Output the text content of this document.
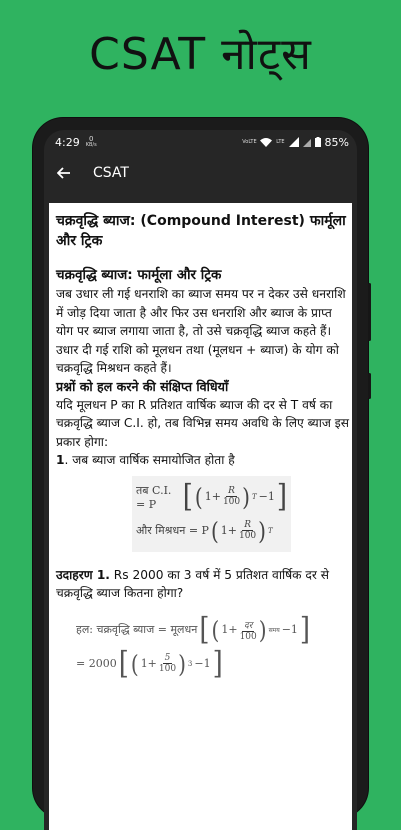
CSAT नोट्स
4:29 0
KB/s
VoLTE	LTE	85%
CSAT

चक्रवृद्धि ब्याज: (Compound Interest) फार्मूला और ट्रिक

चक्रवृद्धि ब्याज: फार्मूला और ट्रिक

जब उधार ली गई धनराशि का ब्याज समय पर न देकर उसे धनराशि में जोड़ दिया जाता है और फिर उस धनराशि और ब्याज के प्राप्त योग पर ब्याज लगाया जाता है, तो उसे चक्रवृद्धि ब्याज कहते हैं। उधार दी गई राशि को मूलधन तथा (मूलधन + ब्याज) के योग को चक्रवृद्धि मिश्रधन कहते हैं।

प्रश्नों को हल करने की संक्षिप्त विधियाँ

यदि मूलधन P का R प्रतिशत वार्षिक ब्याज की दर से T वर्ष का चक्रवृद्धि ब्याज C.I. हो, तब विभिन्न समय अवधि के लिए ब्याज इस प्रकार होगा:

1. जब ब्याज वार्षिक समायोजित होता है

तब C.I. = P	[ ( $1+ \frac{R}{100}$ ) T −1 ]
और मिश्रधन = P ( $1+ \frac{R}{100}$ ) T

उदाहरण 1. Rs 2000 का 3 वर्ष में 5 प्रतिशत वार्षिक दर से चक्रवृद्धि ब्याज कितना होगा?

हल: चक्रवृद्धि ब्याज = मूलधन [ ( $1+ \frac{\text{दर}}{100}$ ) समय −1 ]
= 2000 [ ( $1+ \frac{5}{100}$ ) 3 −1 ]
